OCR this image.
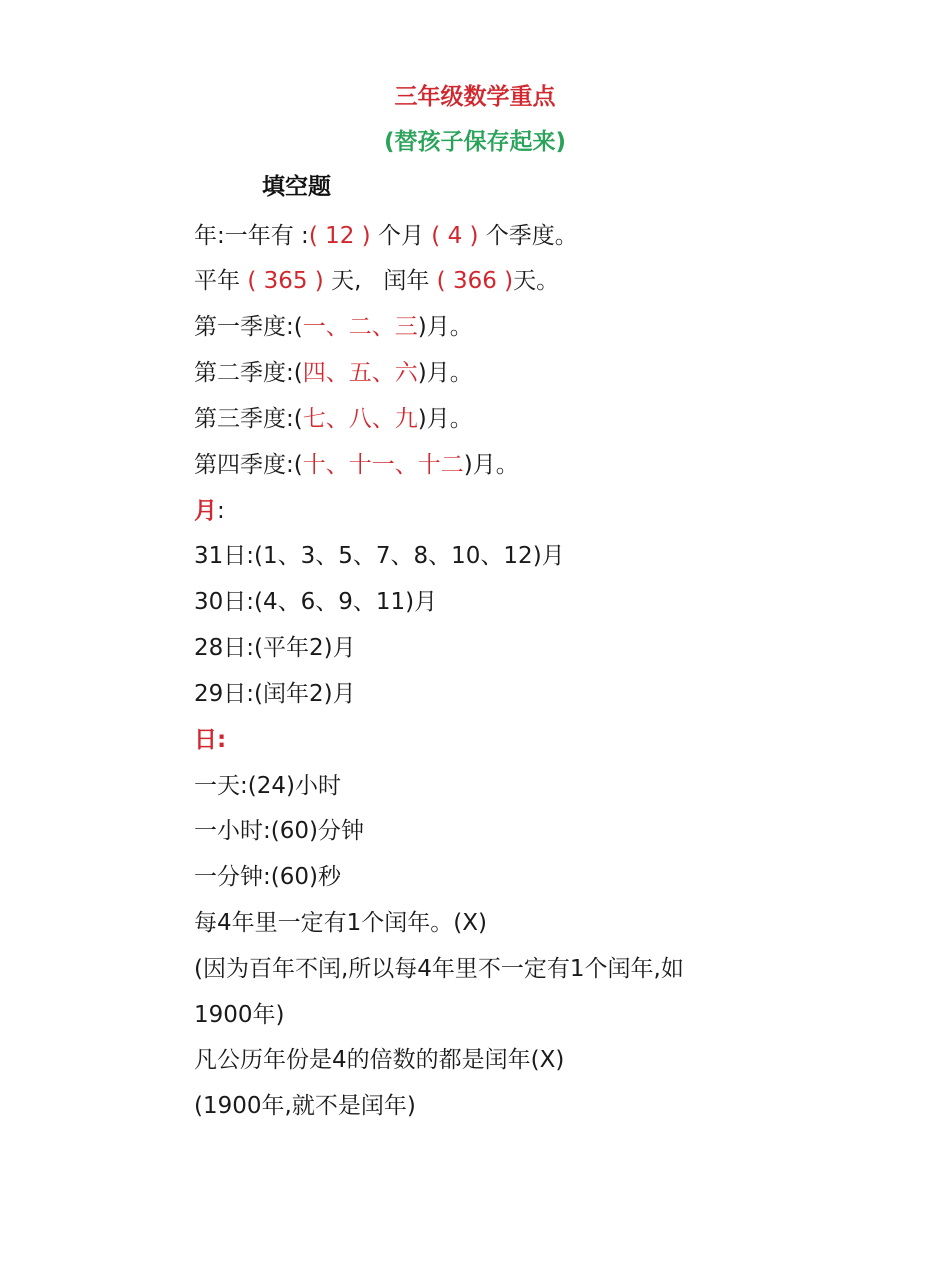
三年级数学重点
(替孩子保存起来)
填空题
年:一年有 :( 12 ) 个月 ( 4 ) 个季度。
平年 ( 365 ) 天,   闰年 ( 366 )天。
第一季度:(一、二、三)月。
第二季度:(四、五、六)月。
第三季度:(七、八、九)月。
第四季度:(十、十一、十二)月。
月:
31日:(1、3、5、7、8、10、12)月
30日:(4、6、9、11)月
28日:(平年2)月
29日:(闰年2)月
日:
一天:(24)小时
一小时:(60)分钟
一分钟:(60)秒
每4年里一定有1个闰年。(X)
(因为百年不闰,所以每4年里不一定有1个闰年,如
1900年)
凡公历年份是4的倍数的都是闰年(X)
(1900年,就不是闰年)
